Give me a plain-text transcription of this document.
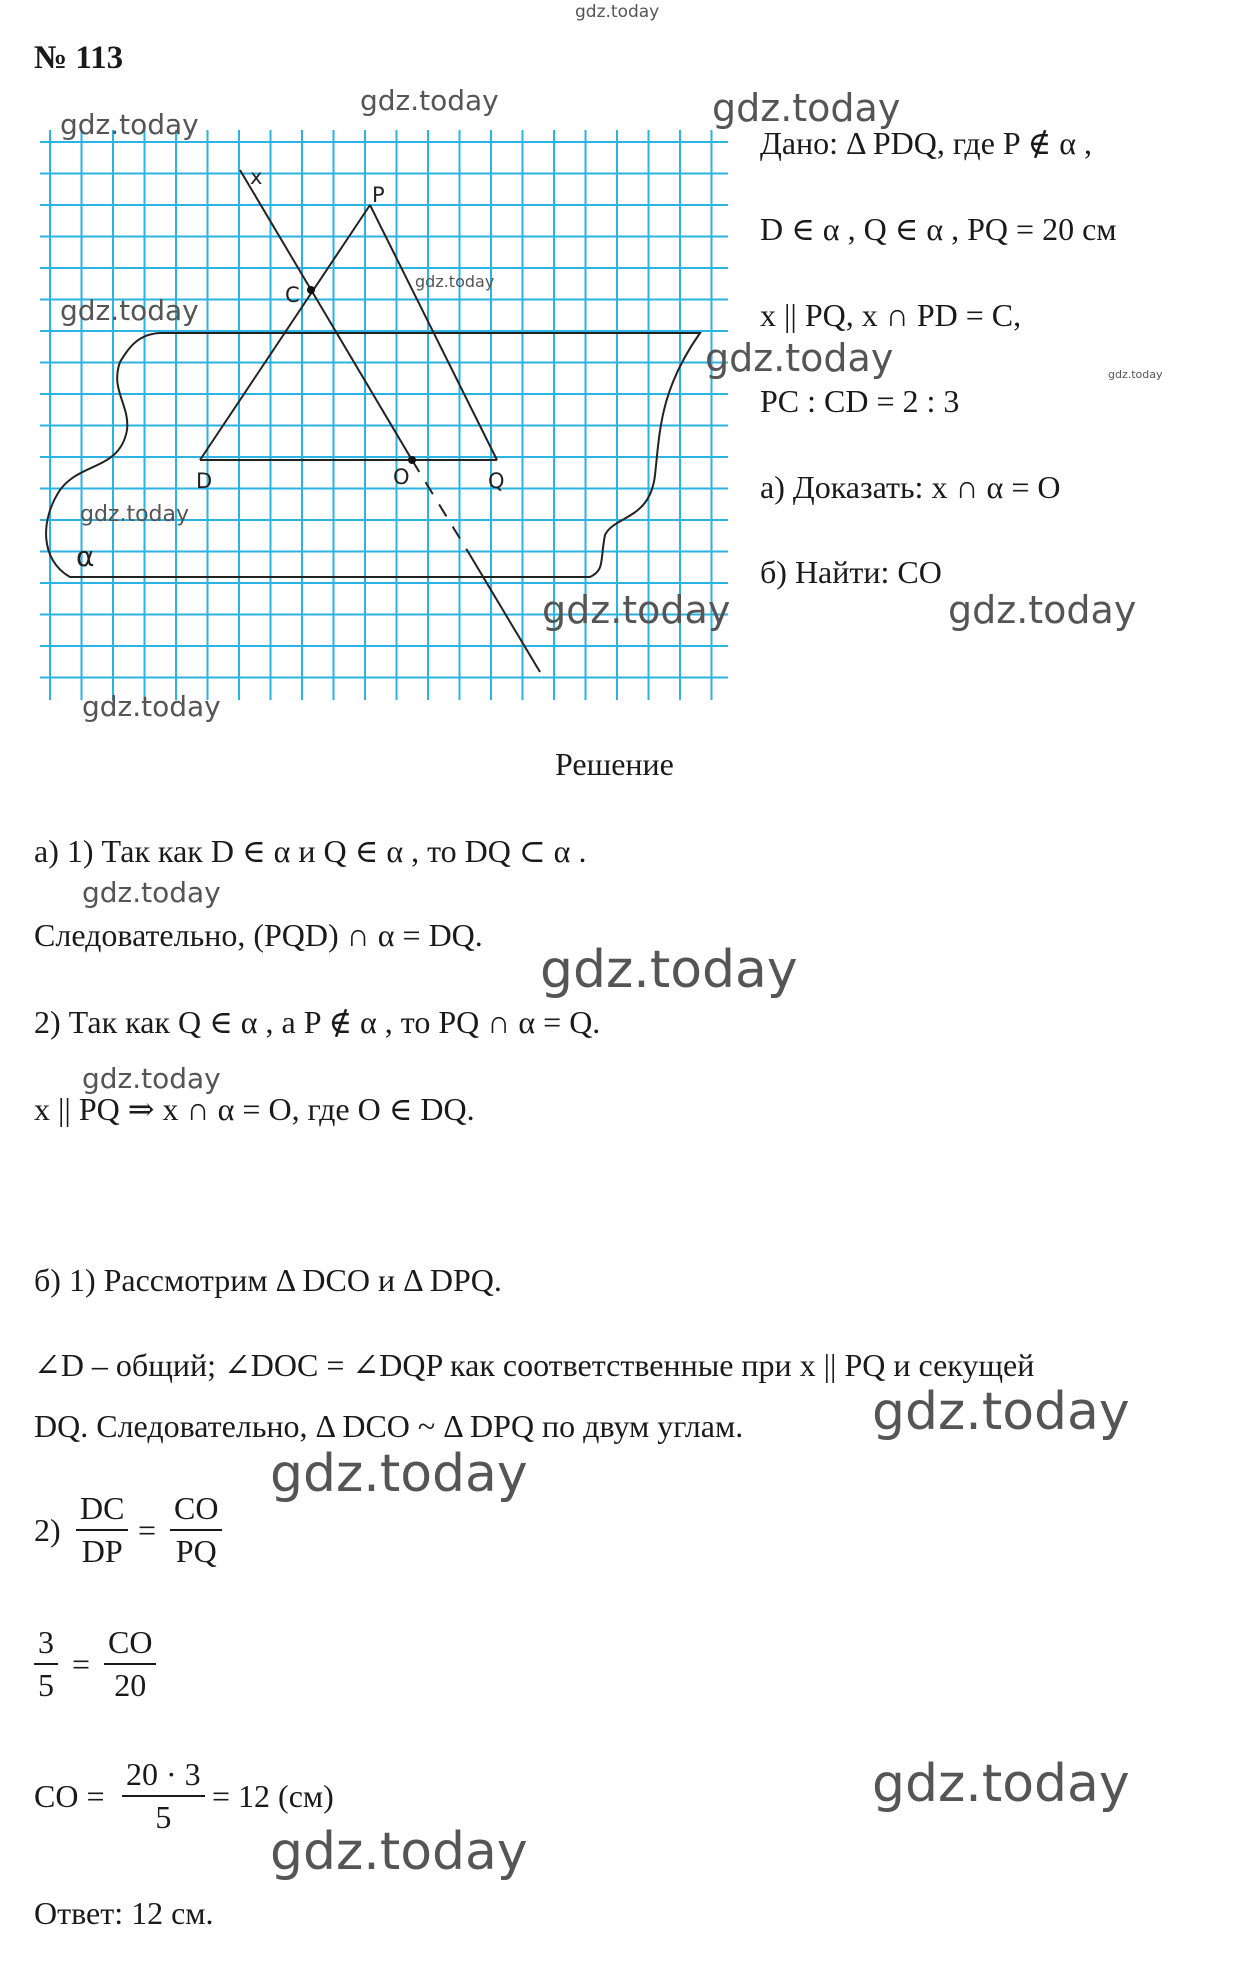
№ 113
gdz.today
x
P
C
D	O	Q
α
gdz.today
gdz.today
gdz.today
gdz.today
gdz.today
gdz.today
gdz.today
Дано: Δ PDQ, где P ∉ α ,
D ∈ α , Q ∈ α , PQ = 20 см
x || PQ, x ∩ PD = C,
gdz.today	gdz.today
PC : CD = 2 : 3
а) Доказать: x ∩ α = O
б) Найти: CO
gdz.today	gdz.today
Решение
а) 1) Так как D ∈ α и Q ∈ α , то DQ ⊂ α .
gdz.today
Следовательно, (PQD) ∩ α = DQ.
gdz.today
2) Так как Q ∈ α , а P ∉ α , то PQ ∩ α = Q.
gdz.today
x || PQ ⇒ x ∩ α = O, где O ∈ DQ.
б) 1) Рассмотрим Δ DCO и Δ DPQ.
∠D – общий; ∠DOC = ∠DQP как соответственные при x || PQ и секущей
DQ. Следовательно, Δ DCO ~ Δ DPQ по двум углам. gdz.today
gdz.today
$2) \frac{DC}{DP} = \frac{CO}{PQ}$
$\frac{3}{5} = \frac{CO}{20}$
CO = $\frac{20 \cdot 3}{5} = 12$ (см)	gdz.today
gdz.today
Ответ: 12 см.
